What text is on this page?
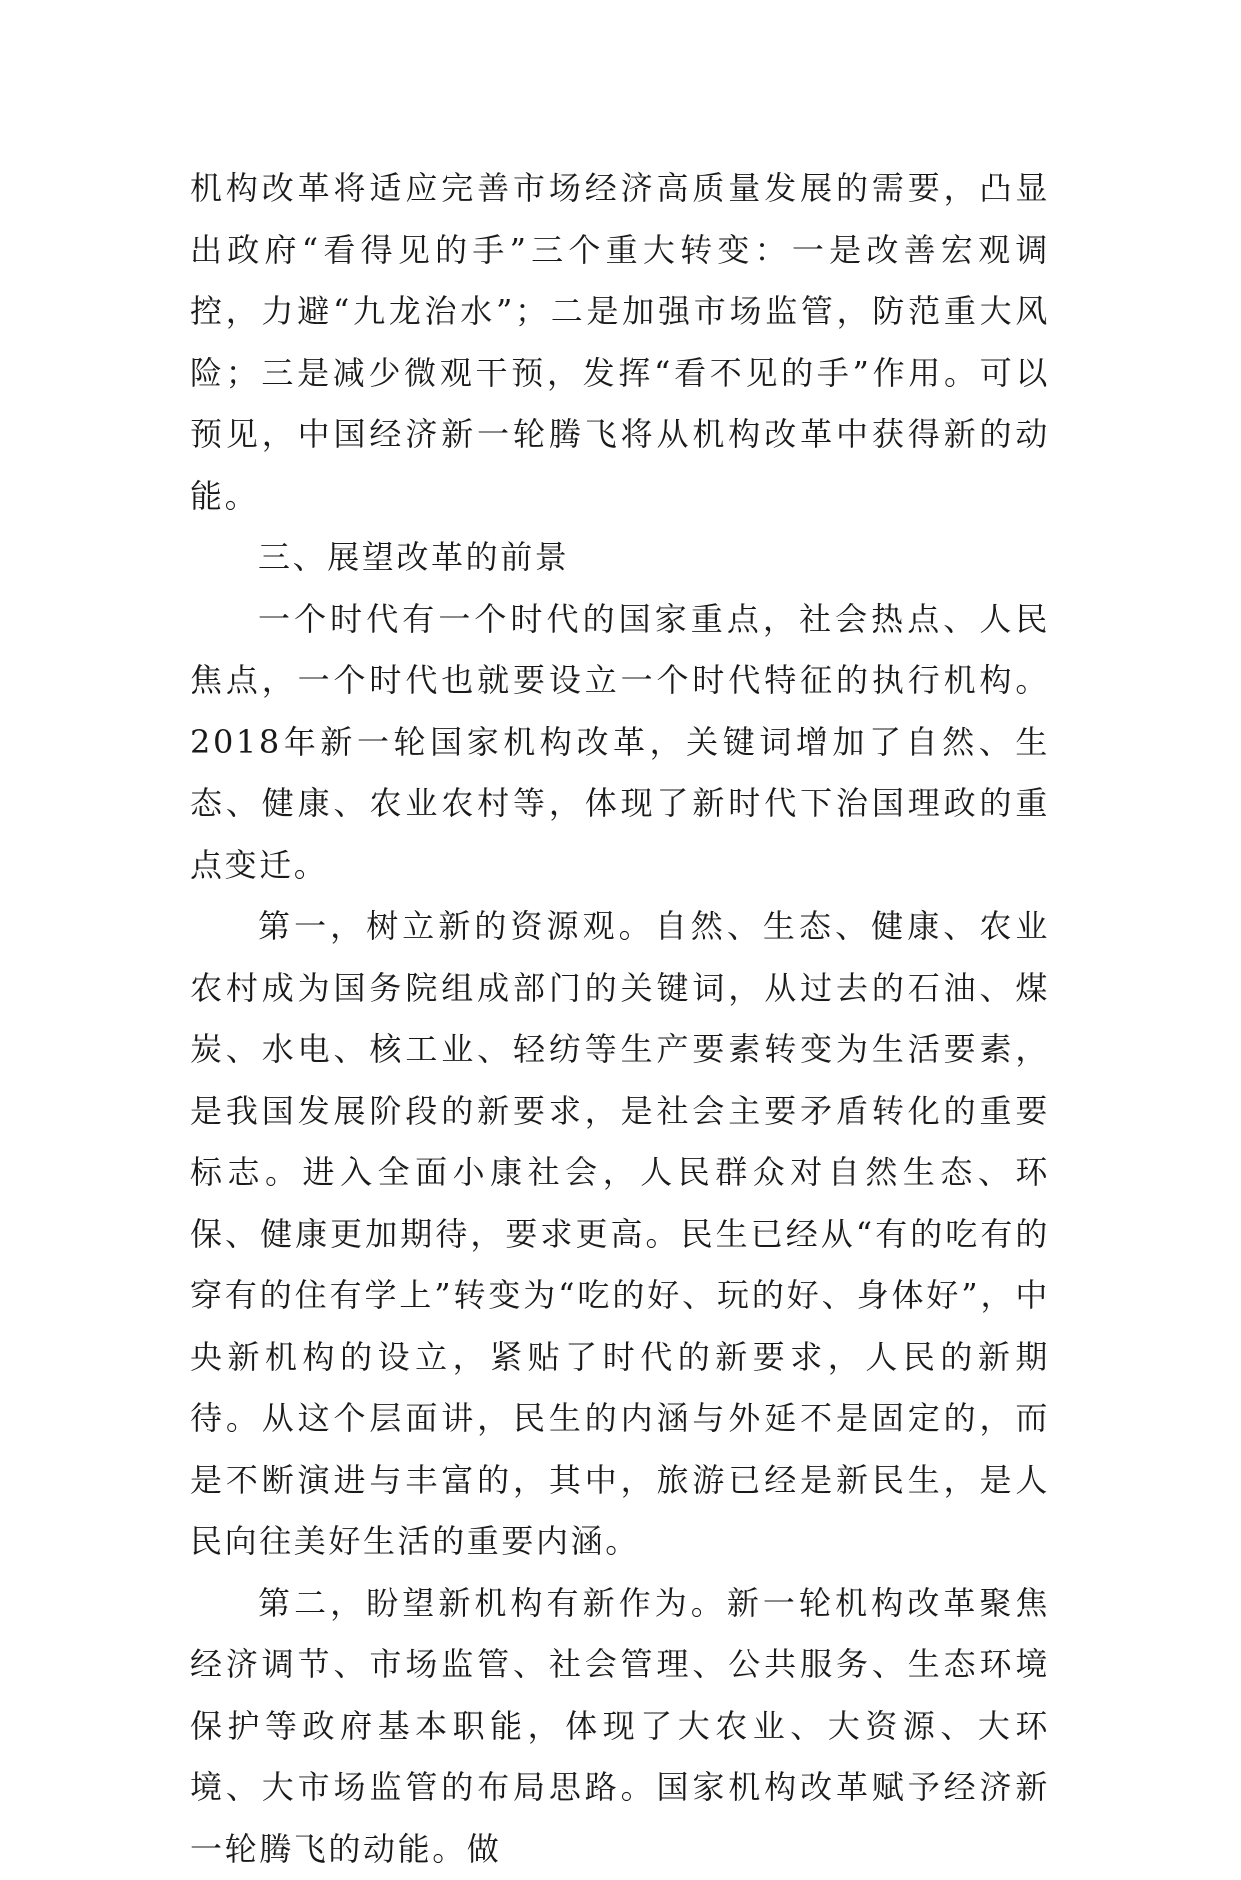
机构改革将适应完善市场经济高质量发展的需要，凸显出政府“看得见的手”三个重大转变：一是改善宏观调控，力避“九龙治水”；二是加强市场监管，防范重大风险；三是减少微观干预，发挥“看不见的手”作用。可以预见，中国经济新一轮腾飞将从机构改革中获得新的动能。

三、展望改革的前景

一个时代有一个时代的国家重点，社会热点、人民焦点，一个时代也就要设立一个时代特征的执行机构。2018年新一轮国家机构改革，关键词增加了自然、生态、健康、农业农村等，体现了新时代下治国理政的重点变迁。

第一，树立新的资源观。自然、生态、健康、农业农村成为国务院组成部门的关键词，从过去的石油、煤炭、水电、核工业、轻纺等生产要素转变为生活要素，是我国发展阶段的新要求，是社会主要矛盾转化的重要标志。进入全面小康社会，人民群众对自然生态、环保、健康更加期待，要求更高。民生已经从“有的吃有的穿有的住有学上”转变为“吃的好、玩的好、身体好”，中央新机构的设立，紧贴了时代的新要求，人民的新期待。从这个层面讲，民生的内涵与外延不是固定的，而是不断演进与丰富的，其中，旅游已经是新民生，是人民向往美好生活的重要内涵。

第二，盼望新机构有新作为。新一轮机构改革聚焦经济调节、市场监管、社会管理、公共服务、生态环境保护等政府基本职能，体现了大农业、大资源、大环境、大市场监管的布局思路。国家机构改革赋予经济新一轮腾飞的动能。做
